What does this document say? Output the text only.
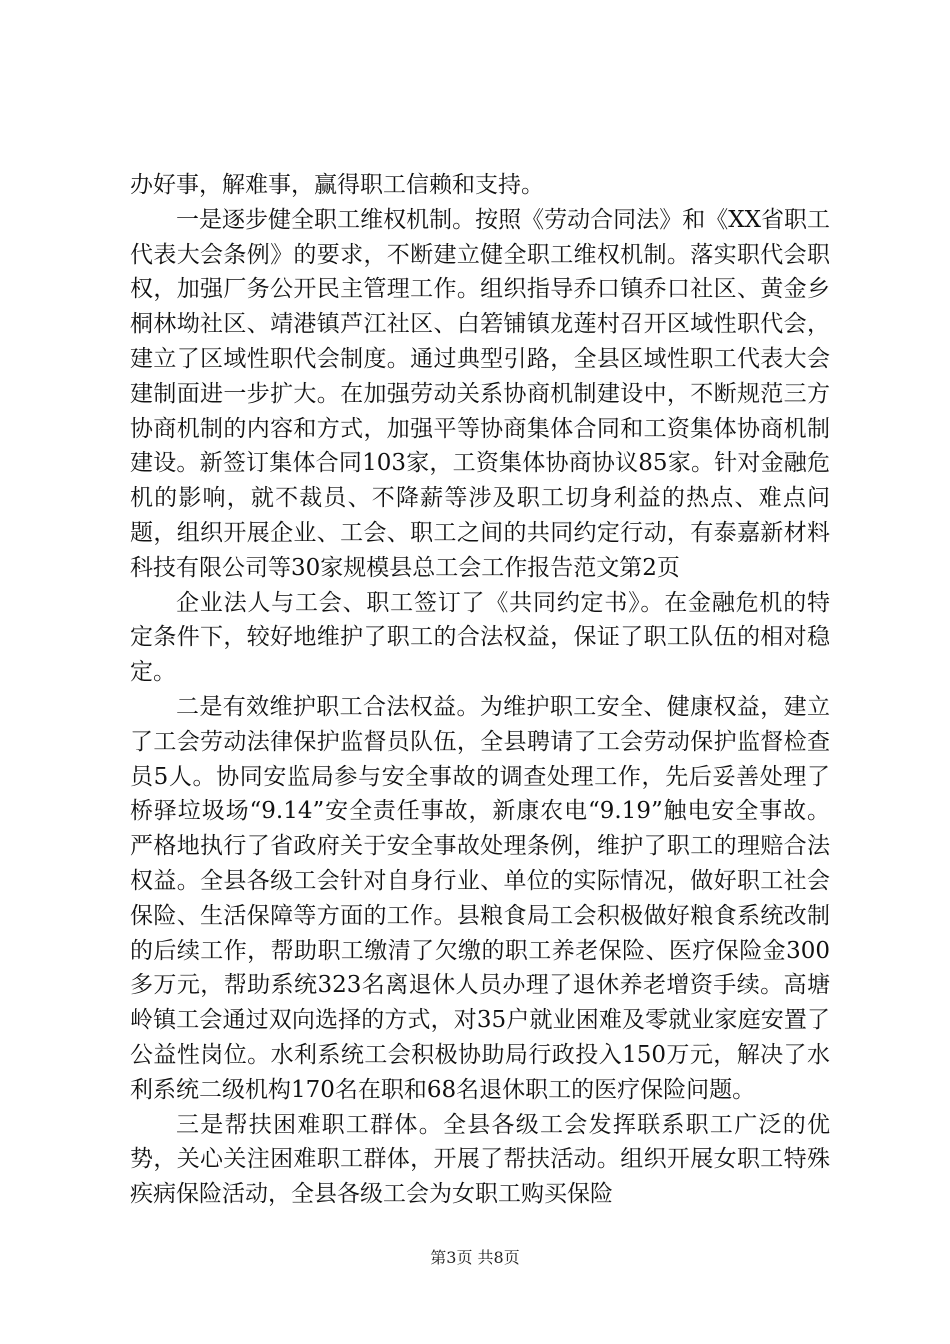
办好事，解难事，赢得职工信赖和支持。

一是逐步健全职工维权机制。按照《劳动合同法》和《XX省职工代表大会条例》的要求，不断建立健全职工维权机制。落实职代会职权，加强厂务公开民主管理工作。组织指导乔口镇乔口社区、黄金乡桐林坳社区、靖港镇芦江社区、白箬铺镇龙莲村召开区域性职代会，建立了区域性职代会制度。通过典型引路，全县区域性职工代表大会建制面进一步扩大。在加强劳动关系协商机制建设中，不断规范三方协商机制的内容和方式，加强平等协商集体合同和工资集体协商机制建设。新签订集体合同103家，工资集体协商协议85家。针对金融危机的影响，就不裁员、不降薪等涉及职工切身利益的热点、难点问题，组织开展企业、工会、职工之间的共同约定行动，有泰嘉新材料科技有限公司等30家规模县总工会工作报告范文第2页

企业法人与工会、职工签订了《共同约定书》。在金融危机的特定条件下，较好地维护了职工的合法权益，保证了职工队伍的相对稳定。

二是有效维护职工合法权益。为维护职工安全、健康权益，建立了工会劳动法律保护监督员队伍，全县聘请了工会劳动保护监督检查员5人。协同安监局参与安全事故的调查处理工作，先后妥善处理了桥驿垃圾场“9.14”安全责任事故，新康农电“9.19”触电安全事故。严格地执行了省政府关于安全事故处理条例，维护了职工的理赔合法权益。全县各级工会针对自身行业、单位的实际情况，做好职工社会保险、生活保障等方面的工作。县粮食局工会积极做好粮食系统改制的后续工作，帮助职工缴清了欠缴的职工养老保险、医疗保险金300多万元，帮助系统323名离退休人员办理了退休养老增资手续。高塘岭镇工会通过双向选择的方式，对35户就业困难及零就业家庭安置了公益性岗位。水利系统工会积极协助局行政投入150万元，解决了水利系统二级机构170名在职和68名退休职工的医疗保险问题。

三是帮扶困难职工群体。全县各级工会发挥联系职工广泛的优势，关心关注困难职工群体，开展了帮扶活动。组织开展女职工特殊疾病保险活动，全县各级工会为女职工购买保险

第3页 共8页
